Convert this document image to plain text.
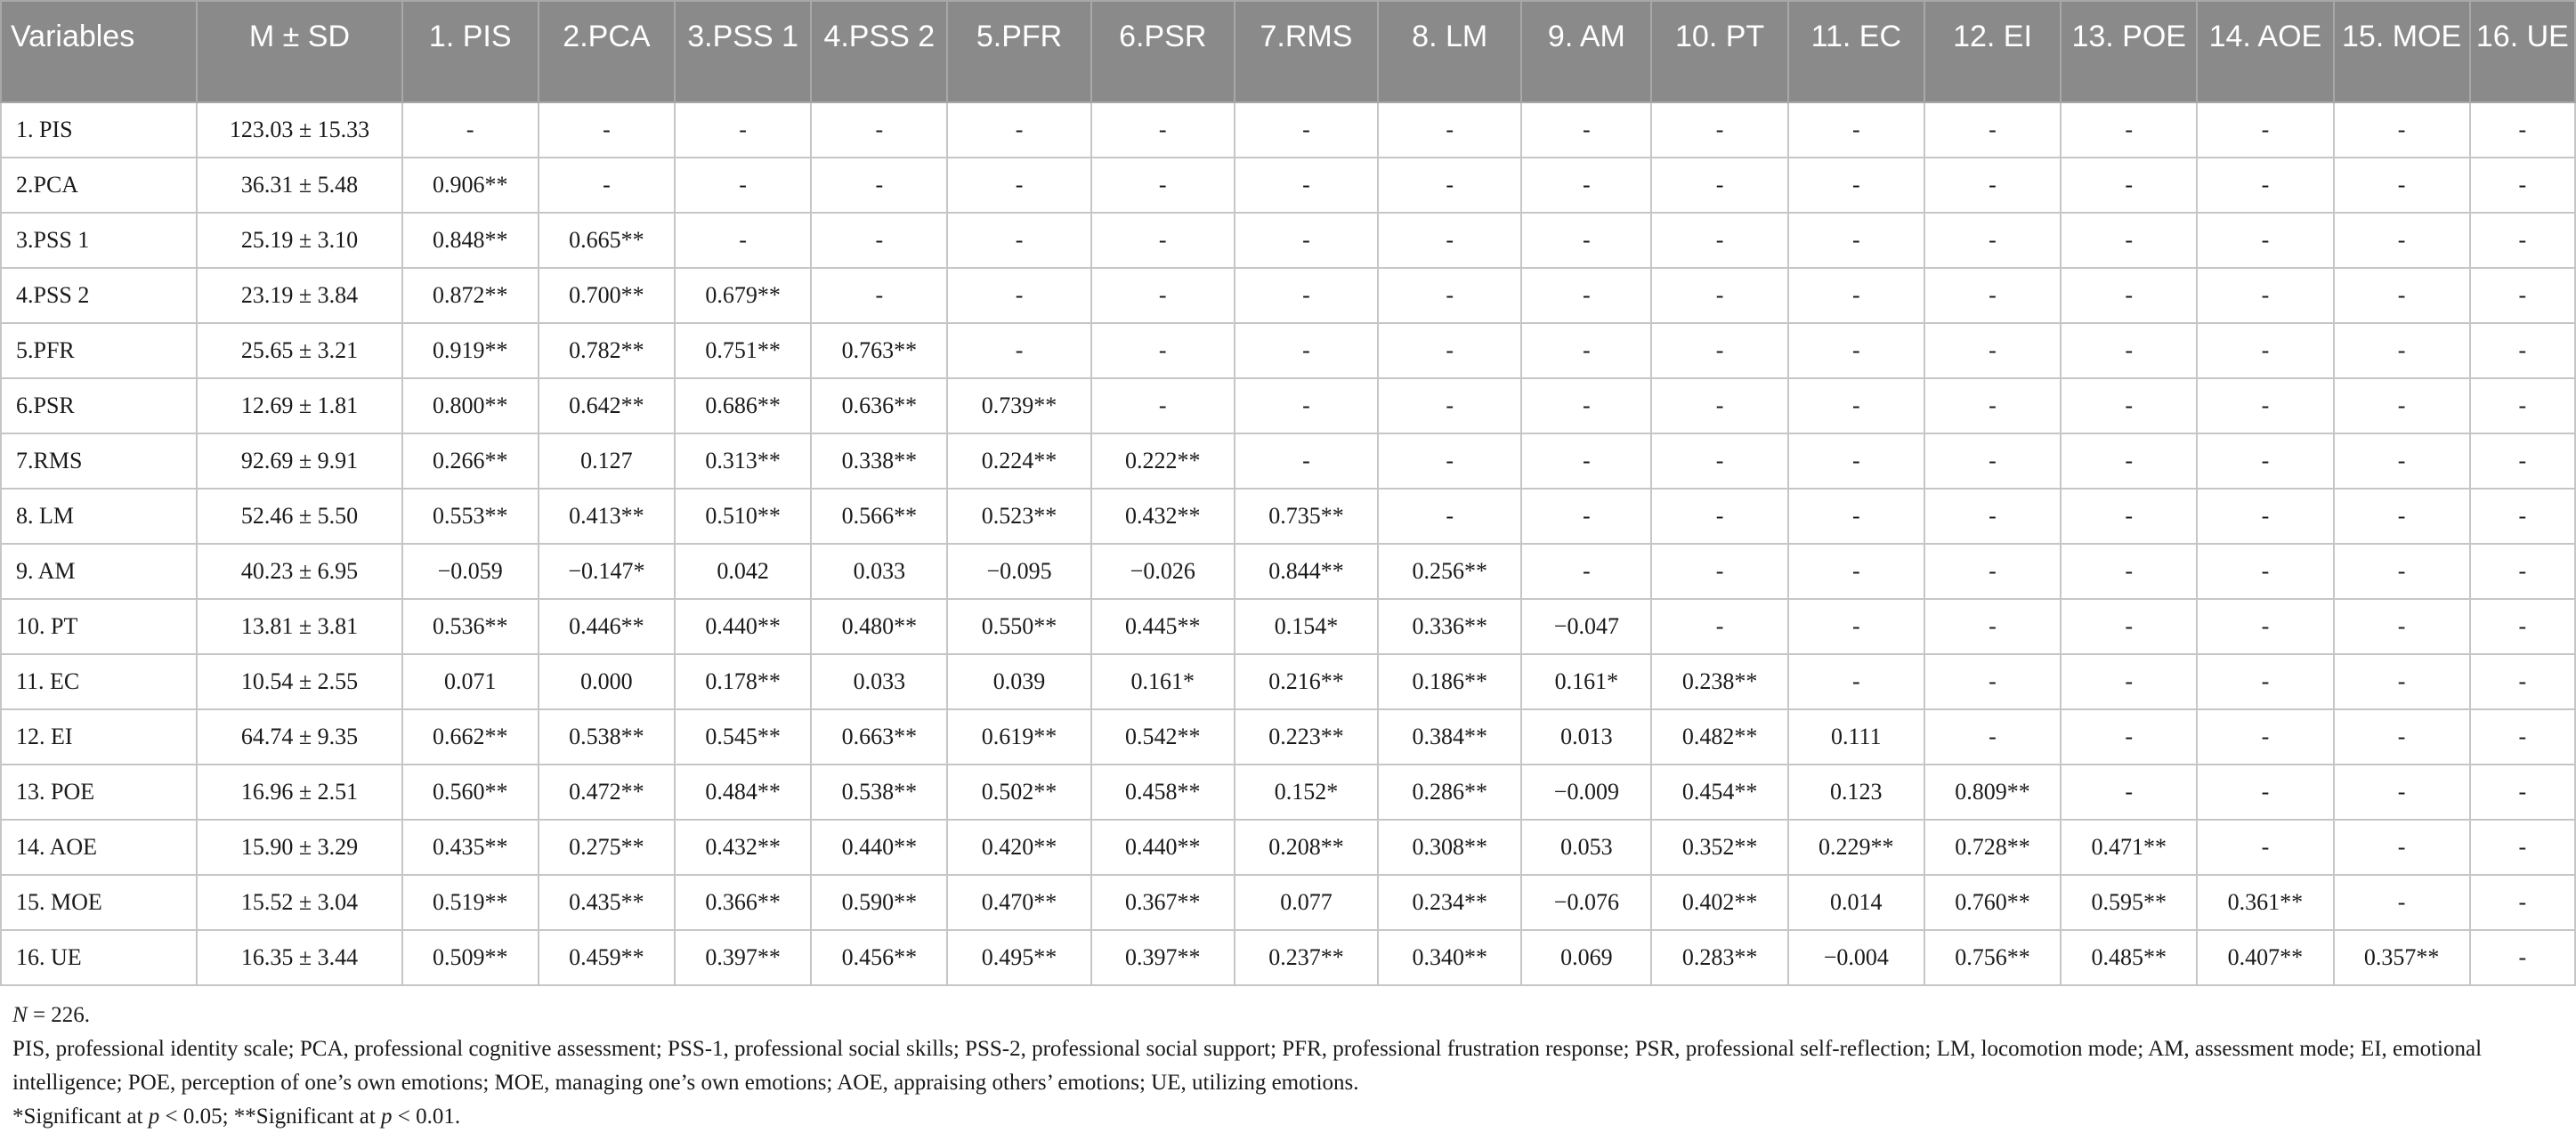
Variables	M ± SD	1. PIS	2.PCA	3.PSS 1	4.PSS 2	5.PFR	6.PSR	7.RMS	8. LM	9. AM	10. PT	11. EC	12. EI	13. POE	14. AOE	15. MOE	16. UE

1. PIS	123.03 ± 15.33	-	-	-	-	-	-	-	-	-	-	-	-	-	-	-	-
2.PCA	36.31 ± 5.48	0.906**	-	-	-	-	-	-	-	-	-	-	-	-	-	-	-
3.PSS 1	25.19 ± 3.10	0.848**	0.665**	-	-	-	-	-	-	-	-	-	-	-	-	-	-
4.PSS 2	23.19 ± 3.84	0.872**	0.700**	0.679**	-	-	-	-	-	-	-	-	-	-	-	-	-
5.PFR	25.65 ± 3.21	0.919**	0.782**	0.751**	0.763**	-	-	-	-	-	-	-	-	-	-	-	-
6.PSR	12.69 ± 1.81	0.800**	0.642**	0.686**	0.636**	0.739**	-	-	-	-	-	-	-	-	-	-	-
7.RMS	92.69 ± 9.91	0.266**	0.127	0.313**	0.338**	0.224**	0.222**	-	-	-	-	-	-	-	-	-	-
8. LM	52.46 ± 5.50	0.553**	0.413**	0.510**	0.566**	0.523**	0.432**	0.735**	-	-	-	-	-	-	-	-	-
9. AM	40.23 ± 6.95	−0.059	−0.147*	0.042	0.033	−0.095	−0.026	0.844**	0.256**	-	-	-	-	-	-	-	-
10. PT	13.81 ± 3.81	0.536**	0.446**	0.440**	0.480**	0.550**	0.445**	0.154*	0.336**	−0.047	-	-	-	-	-	-	-
11. EC	10.54 ± 2.55	0.071	0.000	0.178**	0.033	0.039	0.161*	0.216**	0.186**	0.161*	0.238**	-	-	-	-	-	-
12. EI	64.74 ± 9.35	0.662**	0.538**	0.545**	0.663**	0.619**	0.542**	0.223**	0.384**	0.013	0.482**	0.111	-	-	-	-	-
13. POE	16.96 ± 2.51	0.560**	0.472**	0.484**	0.538**	0.502**	0.458**	0.152*	0.286**	−0.009	0.454**	0.123	0.809**	-	-	-	-
14. AOE	15.90 ± 3.29	0.435**	0.275**	0.432**	0.440**	0.420**	0.440**	0.208**	0.308**	0.053	0.352**	0.229**	0.728**	0.471**	-	-	-
15. MOE	15.52 ± 3.04	0.519**	0.435**	0.366**	0.590**	0.470**	0.367**	0.077	0.234**	−0.076	0.402**	0.014	0.760**	0.595**	0.361**	-	-
16. UE	16.35 ± 3.44	0.509**	0.459**	0.397**	0.456**	0.495**	0.397**	0.237**	0.340**	0.069	0.283**	−0.004	0.756**	0.485**	0.407**	0.357**	-

N = 226.

PIS, professional identity scale; PCA, professional cognitive assessment; PSS-1, professional social skills; PSS-2, professional social support; PFR, professional frustration response; PSR, professional self-reflection; LM, locomotion mode; AM, assessment mode; EI, emotional intelligence; POE, perception of one’s own emotions; MOE, managing one’s own emotions; AOE, appraising others’ emotions; UE, utilizing emotions.

*Significant at p < 0.05; **Significant at p < 0.01.
